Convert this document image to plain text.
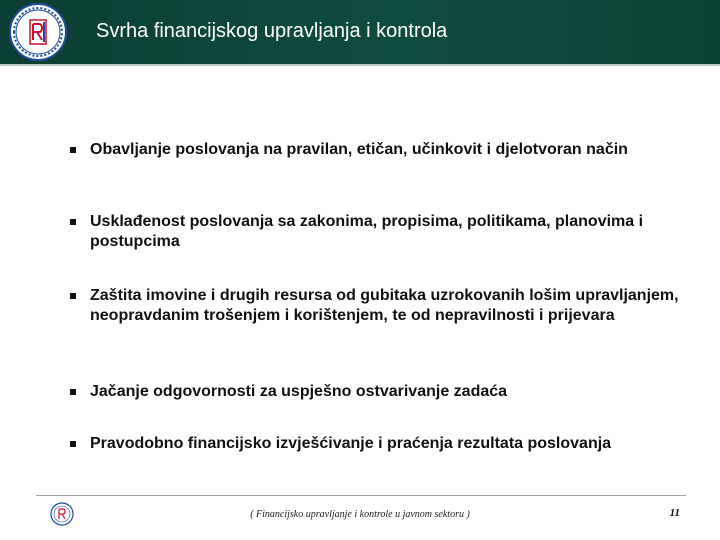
Svrha financijskog upravljanja i kontrola
Obavljanje poslovanja na pravilan, etičan, učinkovit i djelotvoran način
Usklađenost poslovanja sa zakonima, propisima, politikama, planovima i postupcima
Zaštita imovine i drugih resursa od gubitaka uzrokovanih lošim upravljanjem, neopravdanim trošenjem i korištenjem, te od nepravilnosti i prijevara
Jačanje odgovornosti za uspješno ostvarivanje zadaća
Pravodobno financijsko izvješćivanje i praćenja rezultata poslovanja
( Financijsko upravljanje i kontrole u javnom sektoru )	11
